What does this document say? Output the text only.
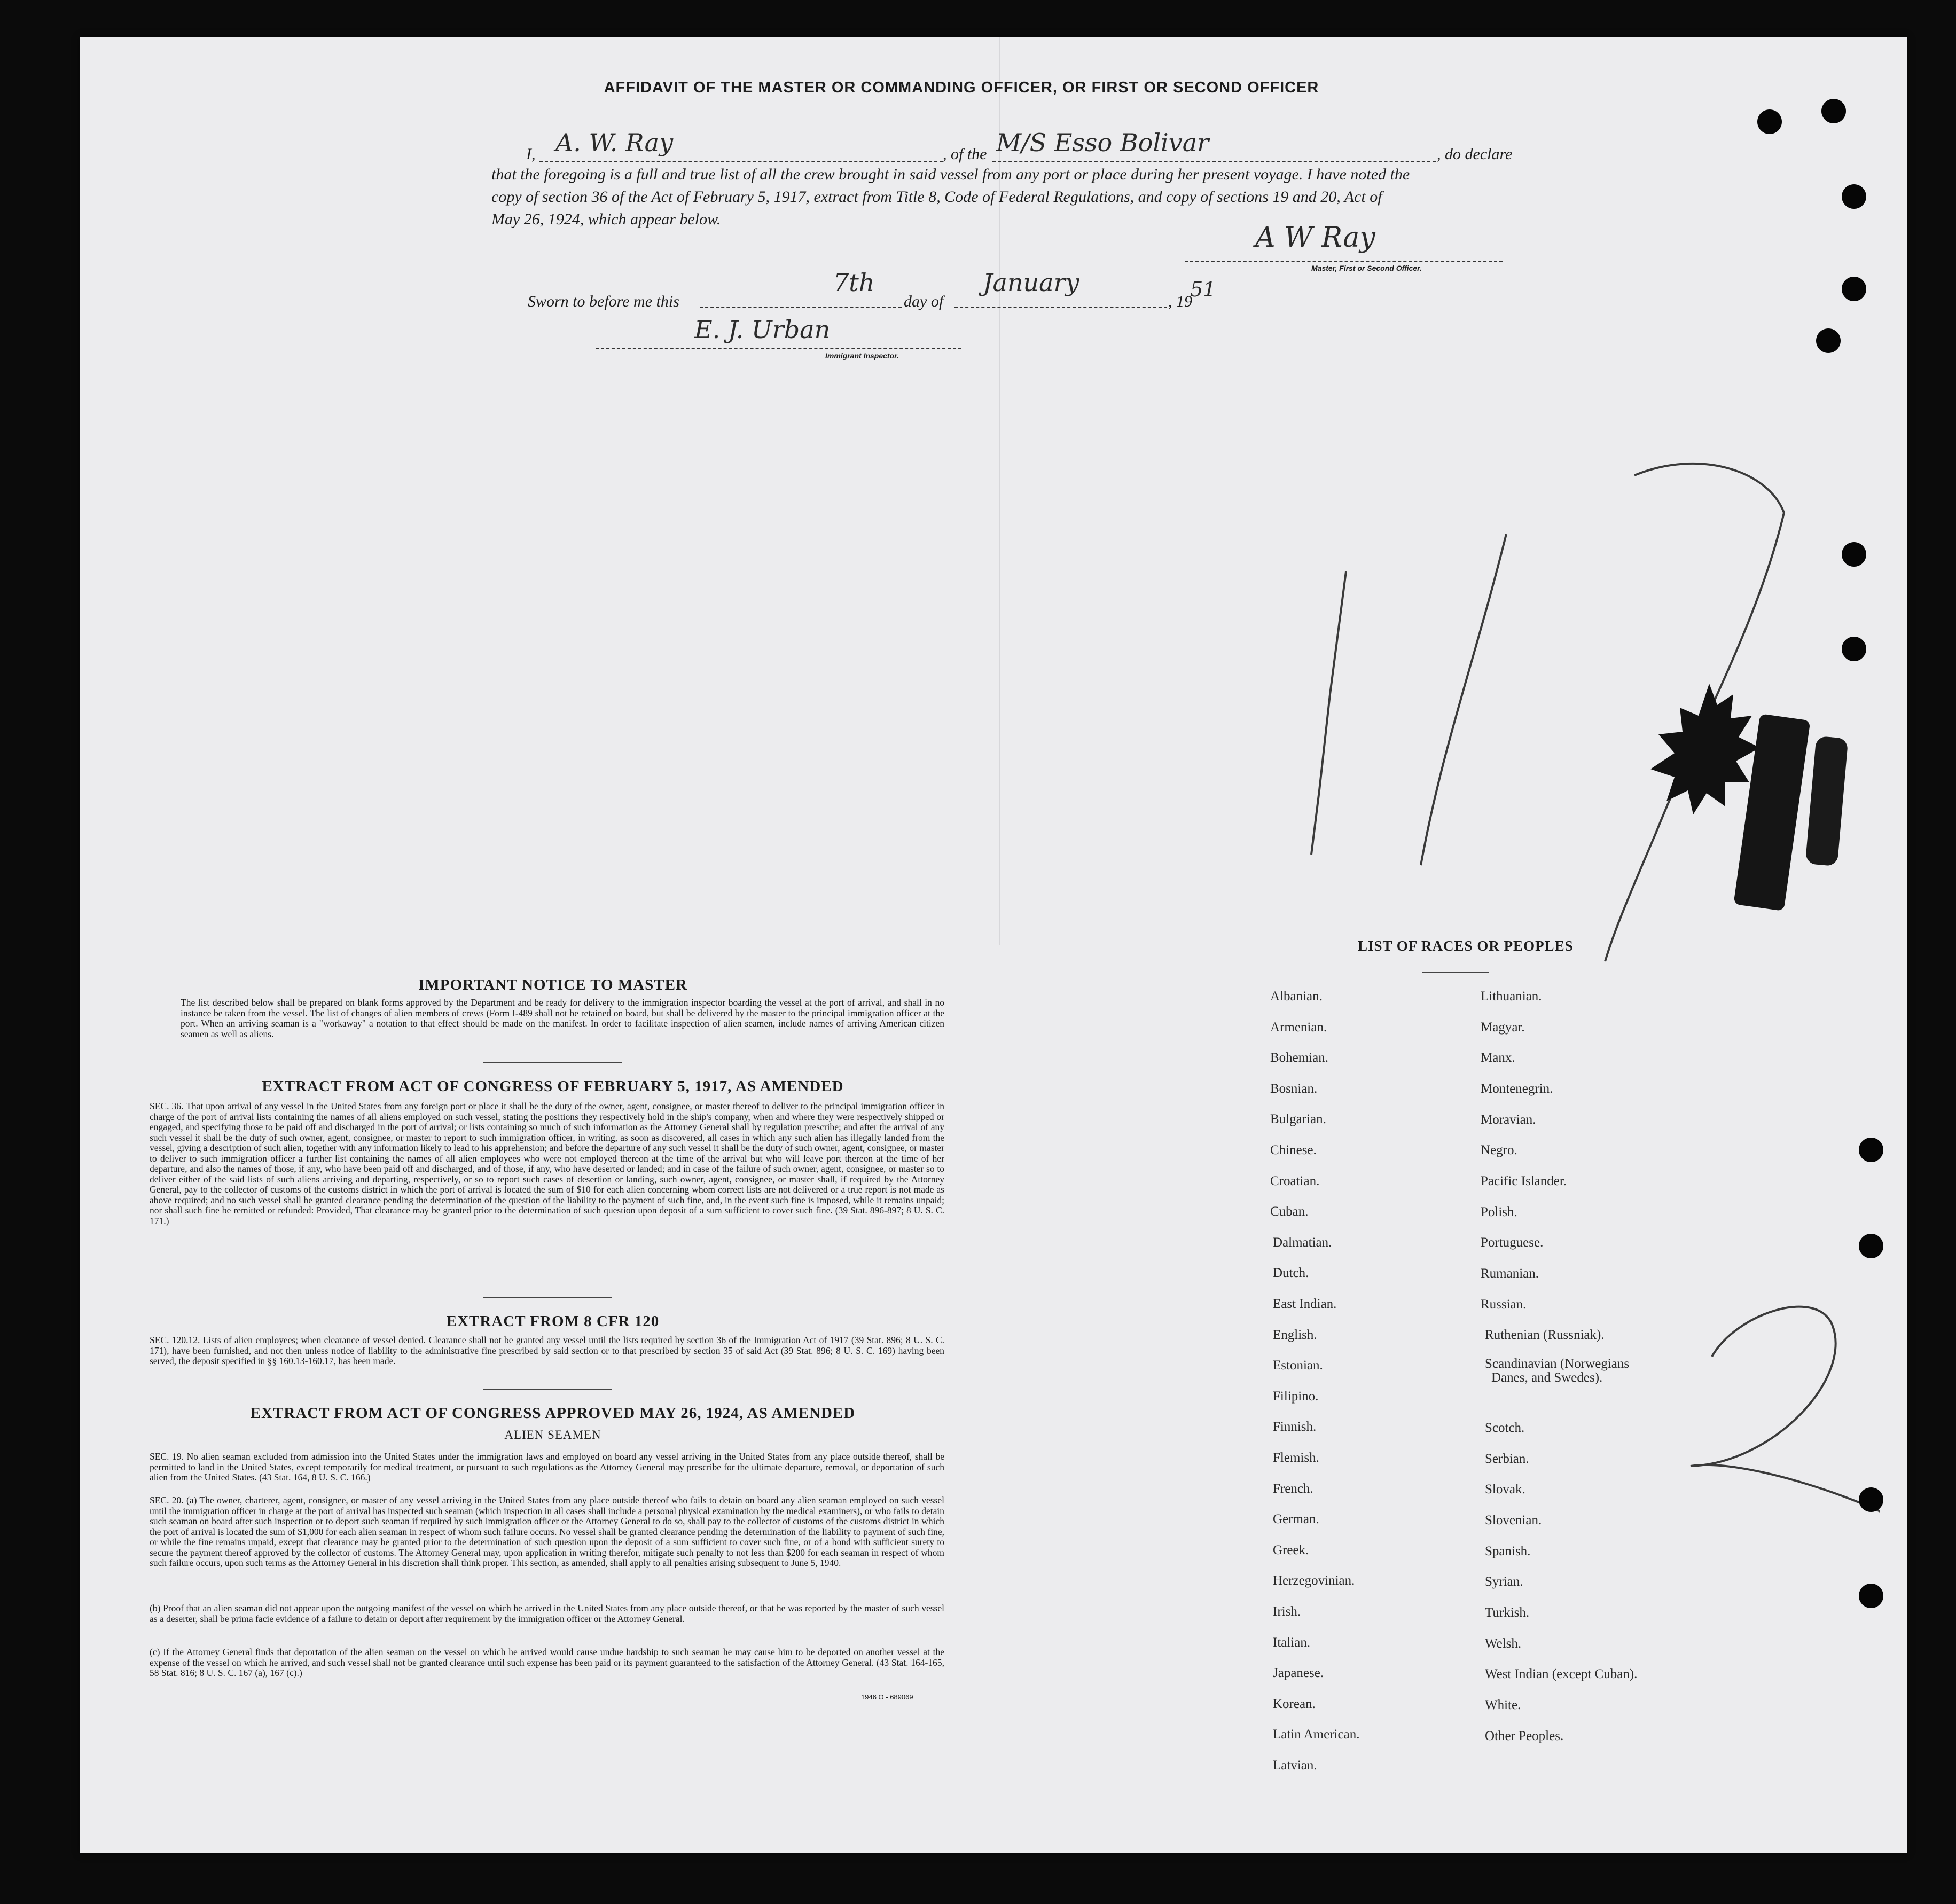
AFFIDAVIT OF THE MASTER OR COMMANDING OFFICER, OR FIRST OR SECOND OFFICER
I, A. W. Ray	, of the M/S Esso Bolivar	, do declare
that the foregoing is a full and true list of all the crew brought in said vessel from any port or place during her present voyage. I have noted the
copy of section 36 of the Act of February 5, 1917, extract from Title 8, Code of Federal Regulations, and copy of sections 19 and 20, Act of
May 26, 1924, which appear below.
A W Ray
Master, First or Second Officer.
Sworn to before me this
7th
day of
January
, 19
51
E. J. Urban
Immigrant Inspector.
IMPORTANT NOTICE TO MASTER
The list described below shall be prepared on blank forms approved by the Department and be ready for delivery to the immigration inspector boarding the vessel at the port of arrival, and shall in no instance be taken from the vessel. The list of changes of alien members of crews (Form I-489 shall not be retained on board, but shall be delivered by the master to the principal immigration officer at the port. When an arriving seaman is a "workaway" a notation to that effect should be made on the manifest. In order to facilitate inspection of alien seamen, include names of arriving American citizen seamen as well as aliens.
EXTRACT FROM ACT OF CONGRESS OF FEBRUARY 5, 1917, AS AMENDED
SEC. 36. That upon arrival of any vessel in the United States from any foreign port or place it shall be the duty of the owner, agent, consignee, or master thereof to deliver to the principal immigration officer in charge of the port of arrival lists containing the names of all aliens employed on such vessel, stating the positions they respectively hold in the ship's company, when and where they were respectively shipped or engaged, and specifying those to be paid off and discharged in the port of arrival; or lists containing so much of such information as the Attorney General shall by regulation prescribe; and after the arrival of any such vessel it shall be the duty of such owner, agent, consignee, or master to report to such immigration officer, in writing, as soon as discovered, all cases in which any such alien has illegally landed from the vessel, giving a description of such alien, together with any information likely to lead to his apprehension; and before the departure of any such vessel it shall be the duty of such owner, agent, consignee, or master to deliver to such immigration officer a further list containing the names of all alien employees who were not employed thereon at the time of the arrival but who will leave port thereon at the time of her departure, and also the names of those, if any, who have been paid off and discharged, and of those, if any, who have deserted or landed; and in case of the failure of such owner, agent, consignee, or master so to deliver either of the said lists of such aliens arriving and departing, respectively, or so to report such cases of desertion or landing, such owner, agent, consignee, or master shall, if required by the Attorney General, pay to the collector of customs of the customs district in which the port of arrival is located the sum of $10 for each alien concerning whom correct lists are not delivered or a true report is not made as above required; and no such vessel shall be granted clearance pending the determination of the question of the liability to the payment of such fine, and, in the event such fine is imposed, while it remains unpaid; nor shall such fine be remitted or refunded: Provided, That clearance may be granted prior to the determination of such question upon deposit of a sum sufficient to cover such fine. (39 Stat. 896-897; 8 U. S. C. 171.)
EXTRACT FROM 8 CFR 120
SEC. 120.12. Lists of alien employees; when clearance of vessel denied. Clearance shall not be granted any vessel until the lists required by section 36 of the Immigration Act of 1917 (39 Stat. 896; 8 U. S. C. 171), have been furnished, and not then unless notice of liability to the administrative fine prescribed by said section or to that prescribed by section 35 of said Act (39 Stat. 896; 8 U. S. C. 169) having been served, the deposit specified in §§ 160.13-160.17, has been made.
EXTRACT FROM ACT OF CONGRESS APPROVED MAY 26, 1924, AS AMENDED
ALIEN SEAMEN
SEC. 19. No alien seaman excluded from admission into the United States under the immigration laws and employed on board any vessel arriving in the United States from any place outside thereof, shall be permitted to land in the United States, except temporarily for medical treatment, or pursuant to such regulations as the Attorney General may prescribe for the ultimate departure, removal, or deportation of such alien from the United States. (43 Stat. 164, 8 U. S. C. 166.)
SEC. 20. (a) The owner, charterer, agent, consignee, or master of any vessel arriving in the United States from any place outside thereof who fails to detain on board any alien seaman employed on such vessel until the immigration officer in charge at the port of arrival has inspected such seaman (which inspection in all cases shall include a personal physical examination by the medical examiners), or who fails to detain such seaman on board after such inspection or to deport such seaman if required by such immigration officer or the Attorney General to do so, shall pay to the collector of customs of the customs district in which the port of arrival is located the sum of $1,000 for each alien seaman in respect of whom such failure occurs. No vessel shall be granted clearance pending the determination of the liability to payment of such fine, or while the fine remains unpaid, except that clearance may be granted prior to the determination of such question upon the deposit of a sum sufficient to cover such fine, or of a bond with sufficient surety to secure the payment thereof approved by the collector of customs. The Attorney General may, upon application in writing therefor, mitigate such penalty to not less than $200 for each seaman in respect of whom such failure occurs, upon such terms as the Attorney General in his discretion shall think proper. This section, as amended, shall apply to all penalties arising subsequent to June 5, 1940.
(b) Proof that an alien seaman did not appear upon the outgoing manifest of the vessel on which he arrived in the United States from any place outside thereof, or that he was reported by the master of such vessel as a deserter, shall be prima facie evidence of a failure to detain or deport after requirement by the immigration officer or the Attorney General.
(c) If the Attorney General finds that deportation of the alien seaman on the vessel on which he arrived would cause undue hardship to such seaman he may cause him to be deported on another vessel at the expense of the vessel on which he arrived, and such vessel shall not be granted clearance until such expense has been paid or its payment guaranteed to the satisfaction of the Attorney General. (43 Stat. 164-165, 58 Stat. 816; 8 U. S. C. 167 (a), 167 (c).)
1946 O - 689069
LIST OF RACES OR PEOPLES
Albanian.
Armenian.
Bohemian.
Bosnian.
Bulgarian.
Chinese.
Croatian.
Cuban.
Dalmatian.
Dutch.
East Indian.
English.
Estonian.
Filipino.
Finnish.
Flemish.
French.
German.
Greek.
Herzegovinian.
Irish.
Italian.
Japanese.
Korean.
Latin American.
Latvian.
Lithuanian.
Magyar.
Manx.
Montenegrin.
Moravian.
Negro.
Pacific Islander.
Polish.
Portuguese.
Rumanian.
Russian.
Ruthenian (Russniak).
Scandinavian (Norwegians
Danes, and Swedes).
Scotch.
Serbian.
Slovak.
Slovenian.
Spanish.
Syrian.
Turkish.
Welsh.
West Indian (except Cuban).
White.
Other Peoples.
